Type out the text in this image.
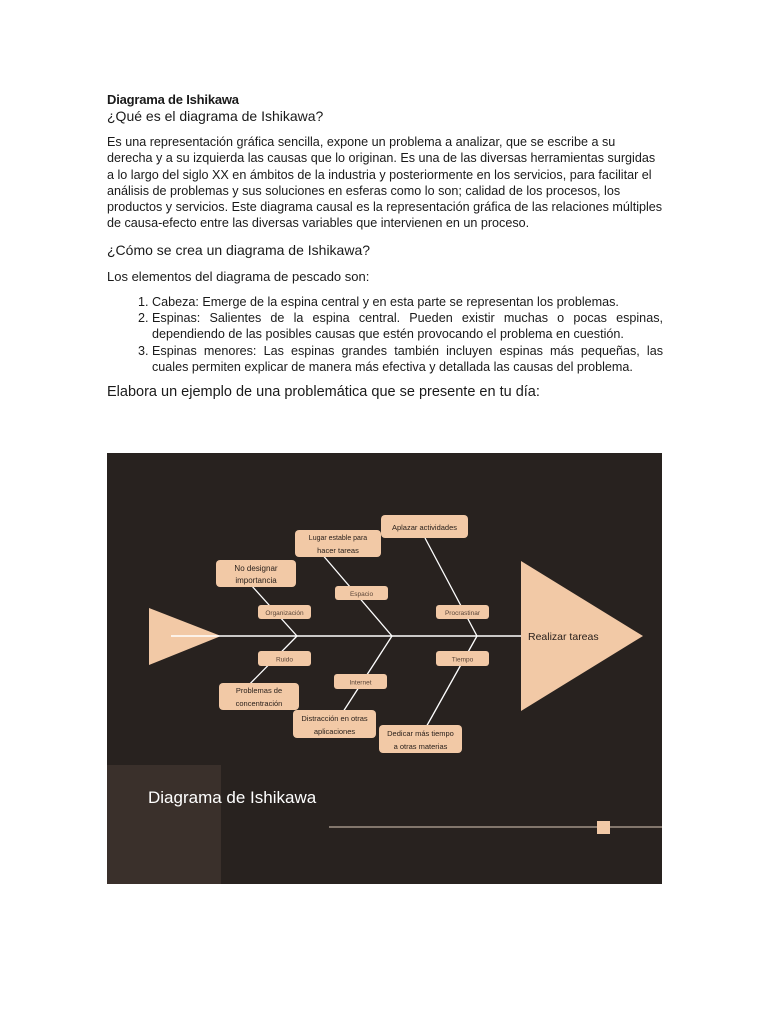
Diagrama de Ishikawa

¿Qué es el diagrama de Ishikawa?

Es una representación gráfica sencilla, expone un problema a analizar, que se escribe a su derecha y a su izquierda las causas que lo originan. Es una de las diversas herramientas surgidas a lo largo del siglo XX en ámbitos de la industria y posteriormente en los servicios, para facilitar el análisis de problemas y sus soluciones en esferas como lo son; calidad de los procesos, los productos y servicios. Este diagrama causal es la representación gráfica de las relaciones múltiples de causa-efecto entre las diversas variables que intervienen en un proceso.

¿Cómo se crea un diagrama de Ishikawa?

Los elementos del diagrama de pescado son:

1. Cabeza: Emerge de la espina central y en esta parte se representan los problemas.
2. Espinas: Salientes de la espina central. Pueden existir muchas o pocas espinas, dependiendo de las posibles causas que estén provocando el problema en cuestión.
3. Espinas menores: Las espinas grandes también incluyen espinas más pequeñas, las cuales permiten explicar de manera más efectiva y detallada las causas del problema.

Elabora un ejemplo de una problemática que se presente en tu día:

Diagrama de Ishikawa
Realizar tareas
Organización
Espacio
Procrastinar
Ruido
Internet
Tiempo
No designar
importancia
Lugar estable para
hacer tareas
Aplazar actividades
Problemas de
concentración
Distracción en otras
aplicaciones	Dedicar más tiempo
a otras materias
